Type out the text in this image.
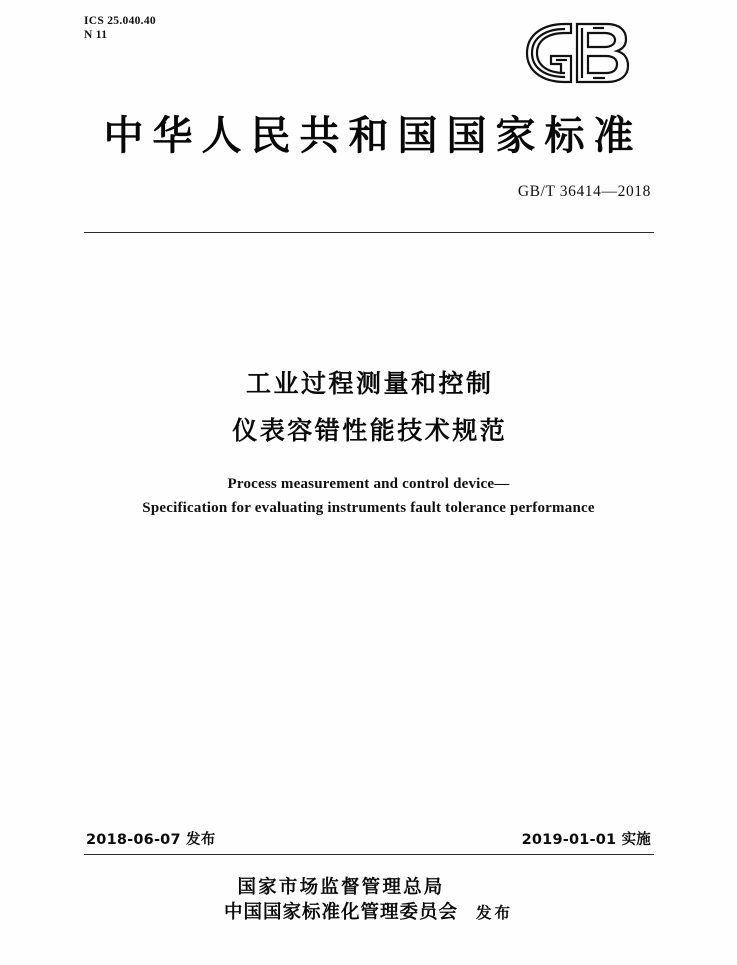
ICS 25.040.40
N 11
中华人民共和国国家标准
GB/T 36414—2018
工业过程测量和控制
仪表容错性能技术规范
Process measurement and control device—
Specification for evaluating instruments fault tolerance performance
2018-06-07 发布	2019-01-01 实施
国家市场监督管理总局
中国国家标准化管理委员会 发布
